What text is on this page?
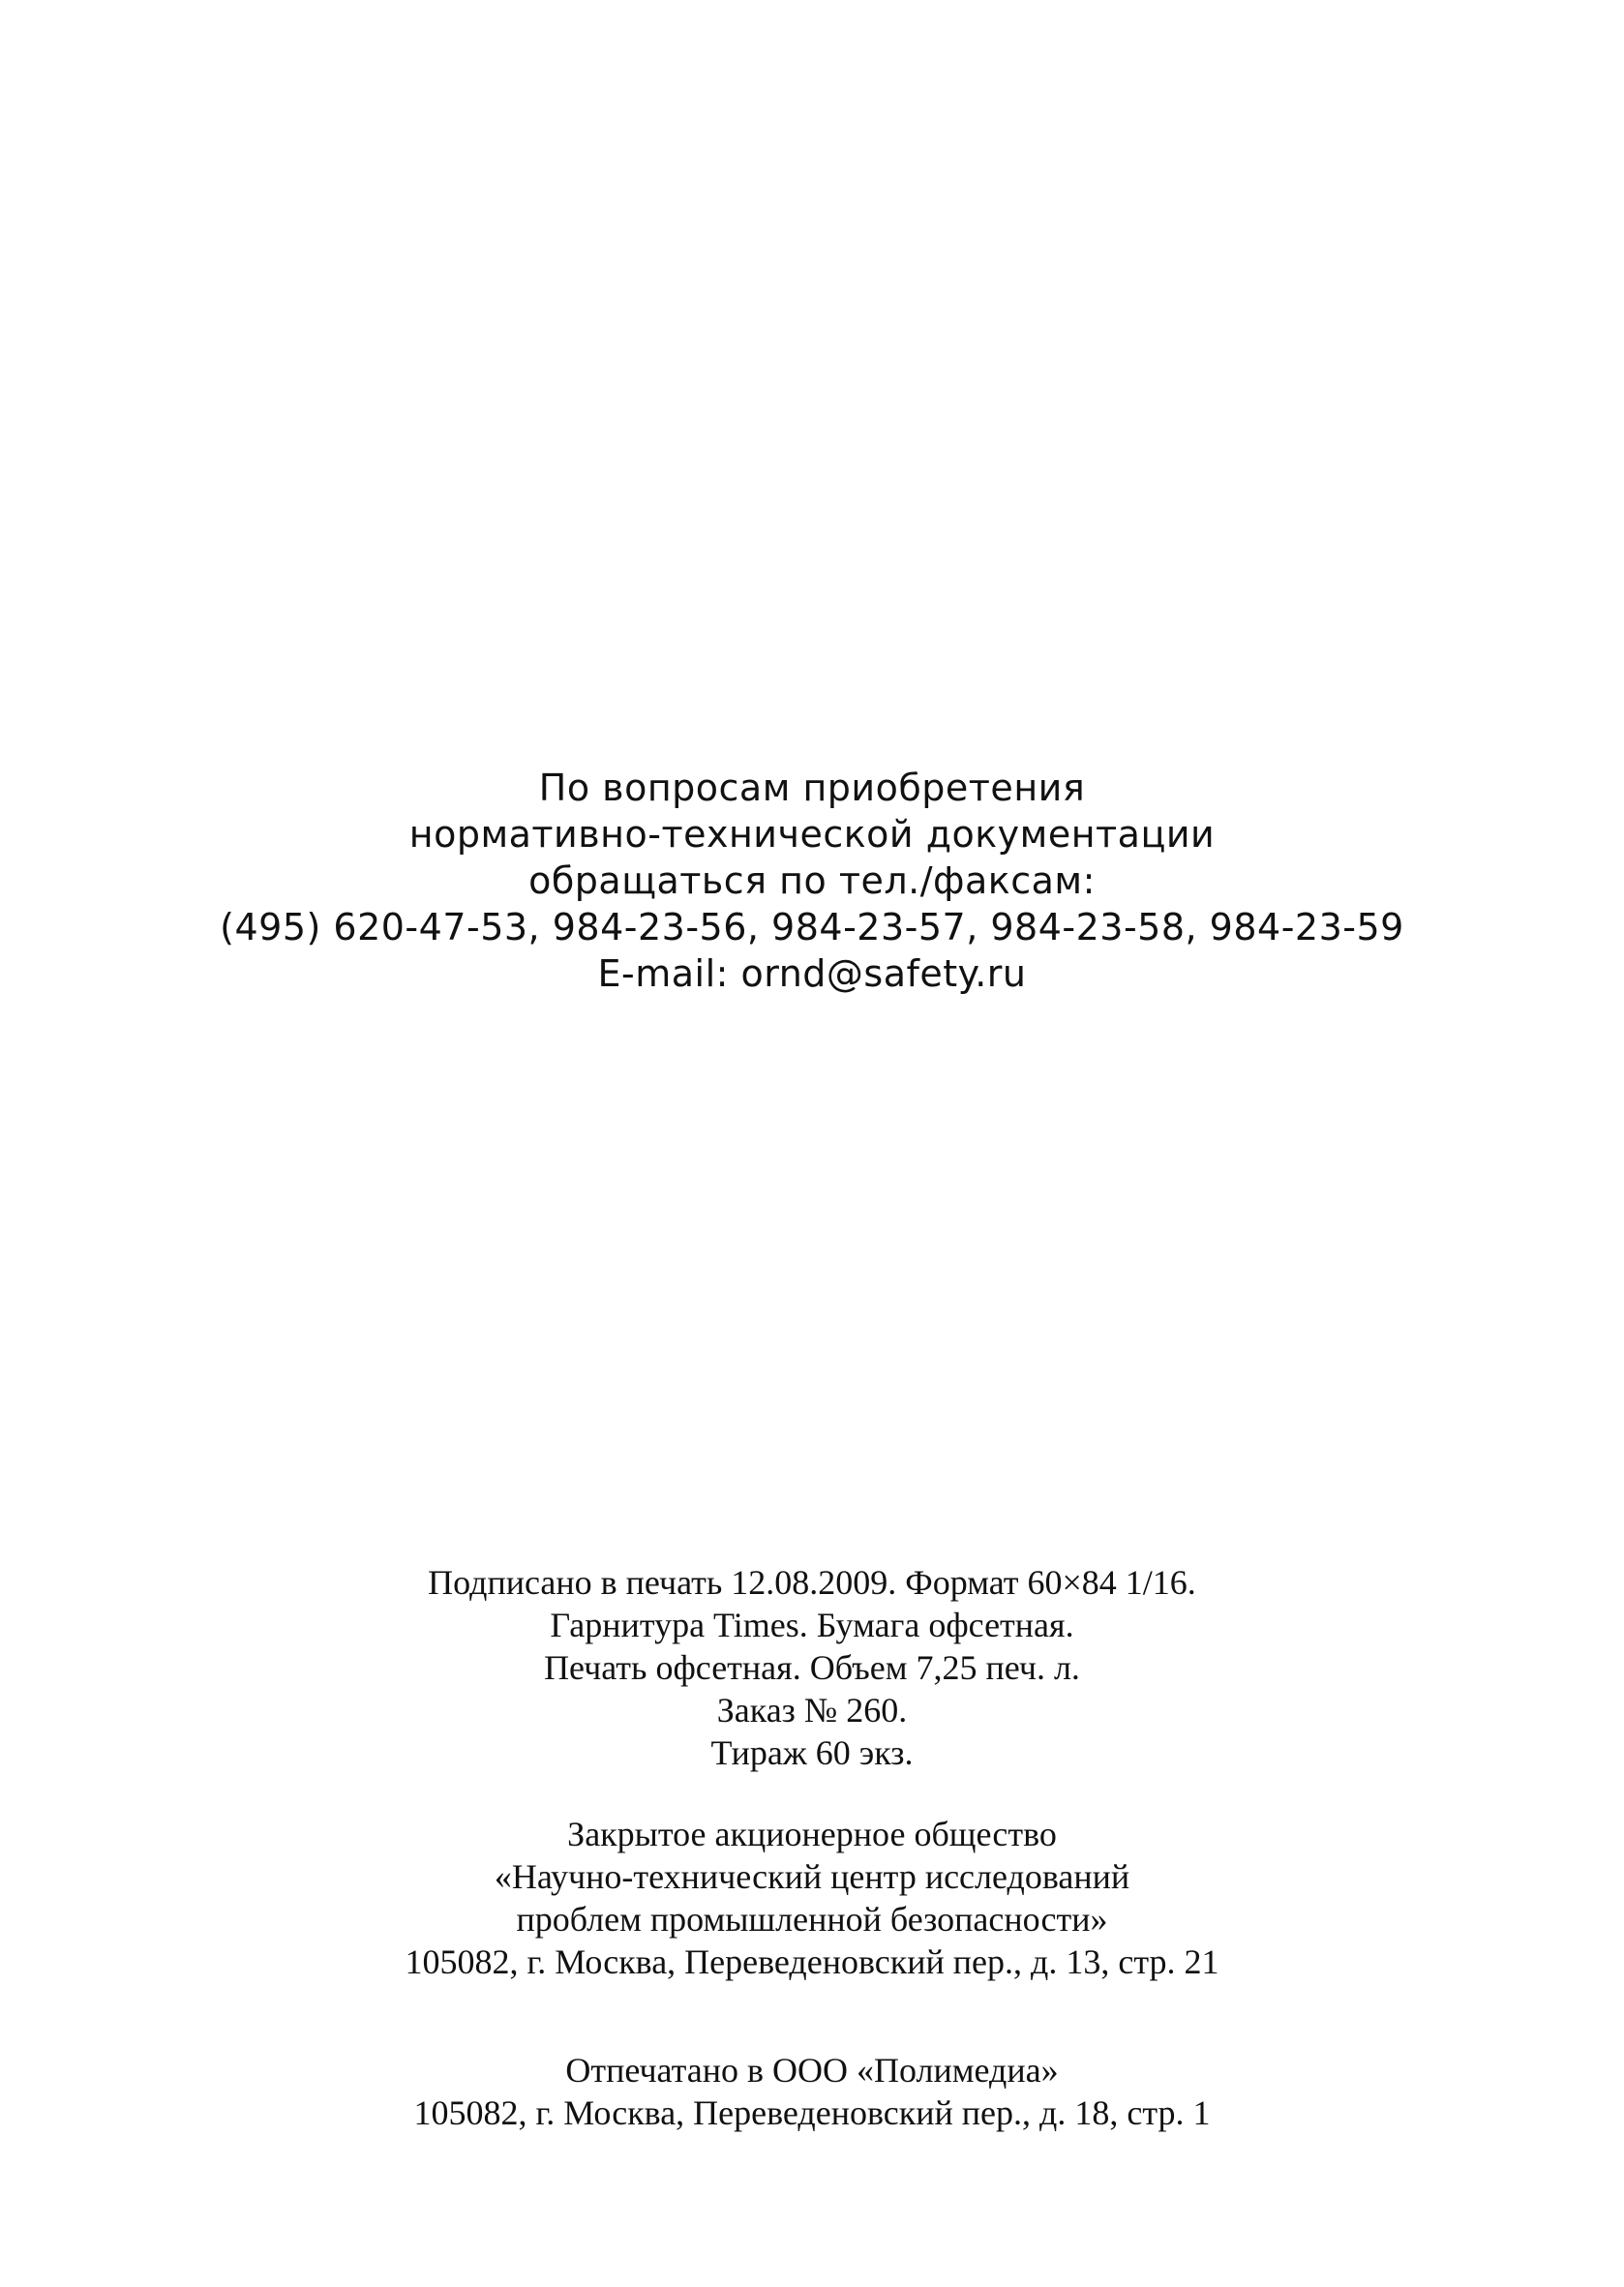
По вопросам приобретения
нормативно-технической документации
обращаться по тел./факсам:
(495) 620-47-53, 984-23-56, 984-23-57, 984-23-58, 984-23-59
E-mail: ornd@safety.ru
Подписано в печать 12.08.2009. Формат 60×84 1/16.
Гарнитура Times. Бумага офсетная.
Печать офсетная. Объем 7,25 печ. л.
Заказ № 260.
Тираж 60 экз.
Закрытое акционерное общество
«Научно-технический центр исследований
проблем промышленной безопасности»
105082, г. Москва, Переведеновский пер., д. 13, стр. 21
Отпечатано в ООО «Полимедиа»
105082, г. Москва, Переведеновский пер., д. 18, стр. 1
